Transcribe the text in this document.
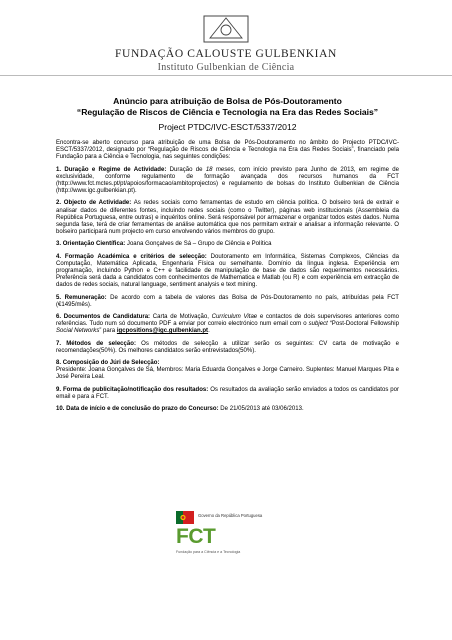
FUNDAÇÃO CALOUSTE GULBENKIAN
Instituto Gulbenkian de Ciência

Anúncio para atribuição de Bolsa de Pós-Doutoramento

“Regulação de Riscos de Ciência e Tecnologia na Era das Redes Sociais”

Project PTDC/IVC-ESCT/5337/2012

Encontra-se aberto concurso para atribuição de uma Bolsa de Pós-Doutoramento no âmbito do Projecto PTDC/IVC-ESCT/5337/2012, designado por “Regulação de Riscos de Ciência e Tecnologia na Era das Redes Sociais”, financiado pela Fundação para a Ciência e Tecnologia, nas seguintes condições:

1. Duração e Regime de Actividade: Duração de 18 meses, com início previsto para Junho de 2013, em regime de exclusividade, conforme regulamento de formação avançada dos recursos humanos da FCT (http://www.fct.mctes.pt/pt/apoios/formacao/ambitoprojectos) e regulamento de bolsas do Instituto Gulbenkian de Ciência (http://www.igc.gulbenkian.pt).

2. Objecto de Actividade: As redes sociais como ferramentas de estudo em ciência política. O bolseiro terá de extrair e analisar dados de diferentes fontes, incluindo redes sociais (como o Twitter), páginas web institucionais (Assembleia da República Portuguesa, entre outras) e inquéritos online. Será responsável por armazenar e organizar todos estes dados. Numa segunda fase, terá de criar ferramentas de análise automática que nos permitam extrair e analisar a informação relevante. O bolseiro participará num projecto em curso envolvendo vários membros do grupo.

3. Orientação Científica: Joana Gonçalves de Sá – Grupo de Ciência e Política

4. Formação Académica e critérios de selecção: Doutoramento em Informática, Sistemas Complexos, Ciências da Computação, Matemática Aplicada, Engenharia Física ou semelhante. Domínio da língua inglesa. Experiência em programação, incluindo Python e C++ e facilidade de manipulação de base de dados são requerimentos necessários. Preferência será dada a candidatos com conhecimentos de Mathematica e Matlab (ou R) e com experiência em extracção de dados de redes sociais, natural language, sentiment analysis e text mining.

5. Remuneração: De acordo com a tabela de valores das Bolsa de Pós-Doutoramento no país, atribuídas pela FCT (€1495/mês).

6. Documentos de Candidatura: Carta de Motivação, Curriculum Vitae e contactos de dois supervisores anteriores como referências. Tudo num só documento PDF a enviar por correio electrónico num email com o subject “Post-Doctoral Fellowship Social Networks” para igcpositions@igc.gulbenkian.pt.

7. Métodos de selecção: Os métodos de selecção a utilizar serão os seguintes: CV carta de motivação e recomendações(50%). Os melhores candidatos serão entrevistados(50%).

8. Composição do Júri de Selecção:
Presidente: Joana Gonçalves de Sá, Membros: Maria Eduarda Gonçalves e Jorge Carneiro. Suplentes: Manuel Marques Pita e José Pereira Leal.

9. Forma de publicitação/notificação dos resultados: Os resultados da avaliação serão enviados a todos os candidatos por email e para a FCT.

10. Data de início e de conclusão do prazo do Concurso: De 21/05/2013 até 03/06/2013.

Governo da República Portuguesa
FCT
Fundação para a Ciência e a Tecnologia
